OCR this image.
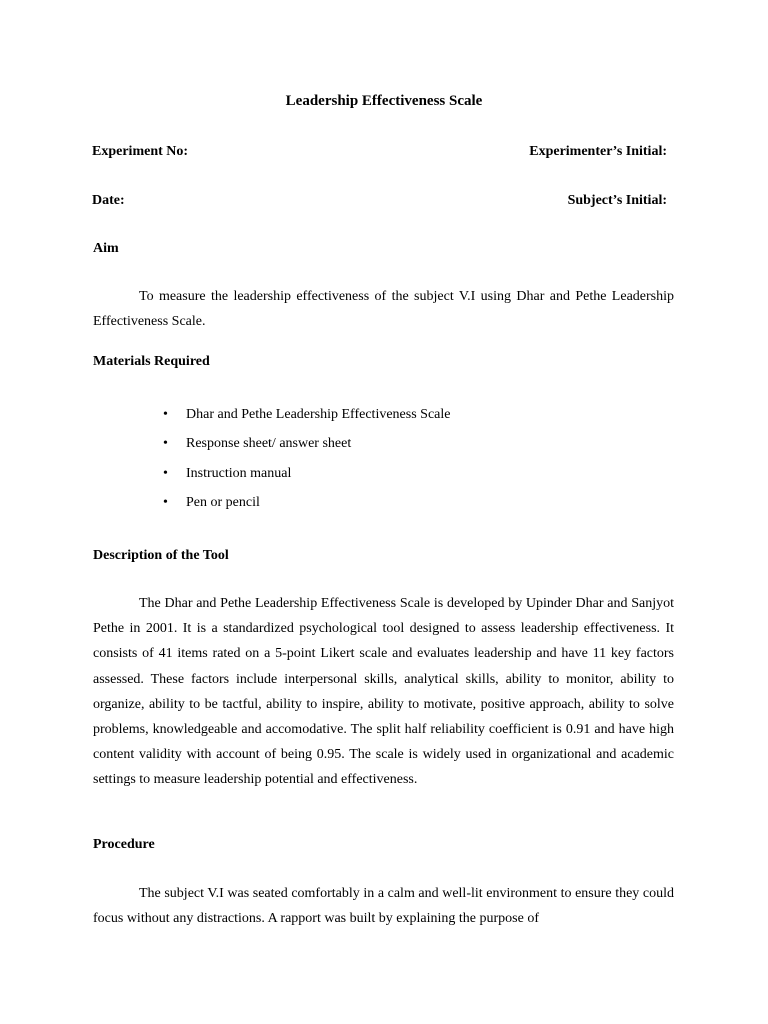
Leadership Effectiveness Scale
Experiment No:	Experimenter’s Initial:
Date:	Subject’s Initial:
Aim

To measure the leadership effectiveness of the subject V.I using Dhar and Pethe Leadership Effectiveness Scale.

Materials Required
• Dhar and Pethe Leadership Effectiveness Scale
• Response sheet/ answer sheet
• Instruction manual
• Pen or pencil
Description of the Tool

The Dhar and Pethe Leadership Effectiveness Scale is developed by Upinder Dhar and Sanjyot Pethe in 2001. It is a standardized psychological tool designed to assess leadership effectiveness. It consists of 41 items rated on a 5-point Likert scale and evaluates leadership and have 11 key factors assessed. These factors include interpersonal skills, analytical skills, ability to monitor, ability to organize, ability to be tactful, ability to inspire, ability to motivate, positive approach, ability to solve problems, knowledgeable and accomodative. The split half reliability coefficient is 0.91 and have high content validity with account of being 0.95. The scale is widely used in organizational and academic settings to measure leadership potential and effectiveness.

Procedure

The subject V.I was seated comfortably in a calm and well-lit environment to ensure they could focus without any distractions. A rapport was built by explaining the purpose of
